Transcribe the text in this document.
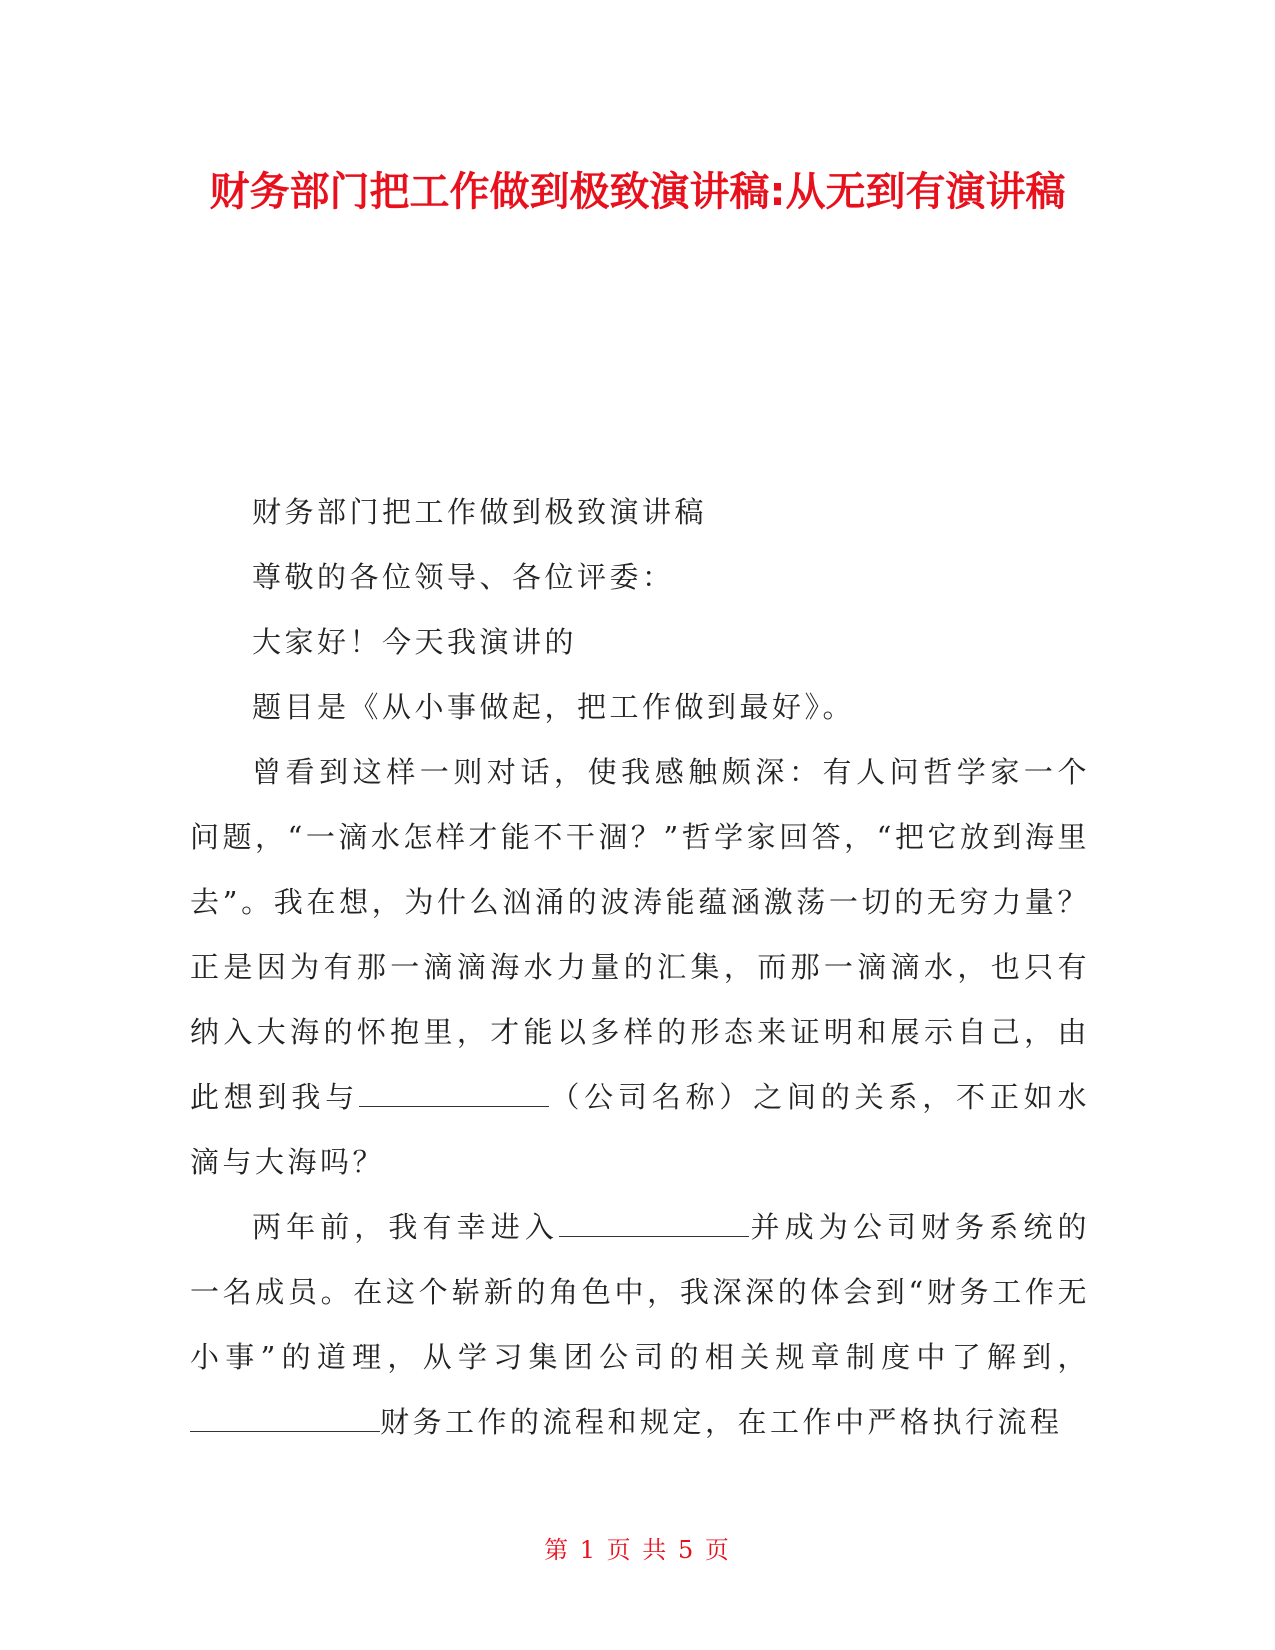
财务部门把工作做到极致演讲稿:从无到有演讲稿

财务部门把工作做到极致演讲稿

尊敬的各位领导、各位评委：

大家好！今天我演讲的

题目是《从小事做起，把工作做到最好》。

曾看到这样一则对话，使我感触颇深：有人问哲学家一个问题，“一滴水怎样才能不干涸？”哲学家回答，“把它放到海里去”。我在想，为什么汹涌的波涛能蕴涵激荡一切的无穷力量？正是因为有那一滴滴海水力量的汇集，而那一滴滴水，也只有纳入大海的怀抱里，才能以多样的形态来证明和展示自己，由此想到我与	（公司名称）之间的关系，不正如水滴与大海吗？

两年前，我有幸进入	并成为公司财务系统的一名成员。在这个崭新的角色中，我深深的体会到“财务工作无小事”的道理，从学习集团公司的相关规章制度中了解到，财务工作的流程和规定，在工作中严格执行流程

第 1 页 共 5 页
